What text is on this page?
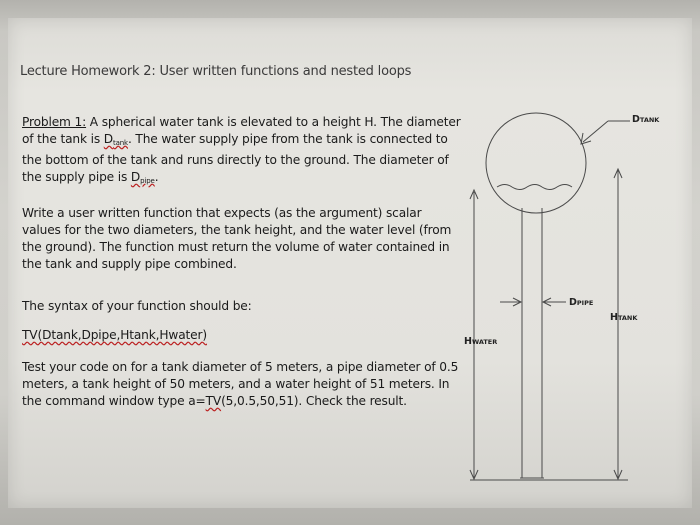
Lecture Homework 2: User written functions and nested loops
Problem 1: A spherical water tank is elevated to a height H. The diameter of the tank is $D_{tank}$. The water supply pipe from the tank is connected to the bottom of the tank and runs directly to the ground. The diameter of the supply pipe is $D_{pipe}$.
Write a user written function that expects (as the argument) scalar values for the two diameters, the tank height, and the water level (from the ground). The function must return the volume of water contained in the tank and supply pipe combined.
The syntax of your function should be:
TV(Dtank,Dpipe,Htank,Hwater)
Test your code on for a tank diameter of 5 meters, a pipe diameter of 0.5 meters, a tank height of 50 meters, and a water height of 51 meters. In the command window type a=TV(5,0.5,50,51). Check the result.
DTANK
DPIPE
HTANK
HWATER
